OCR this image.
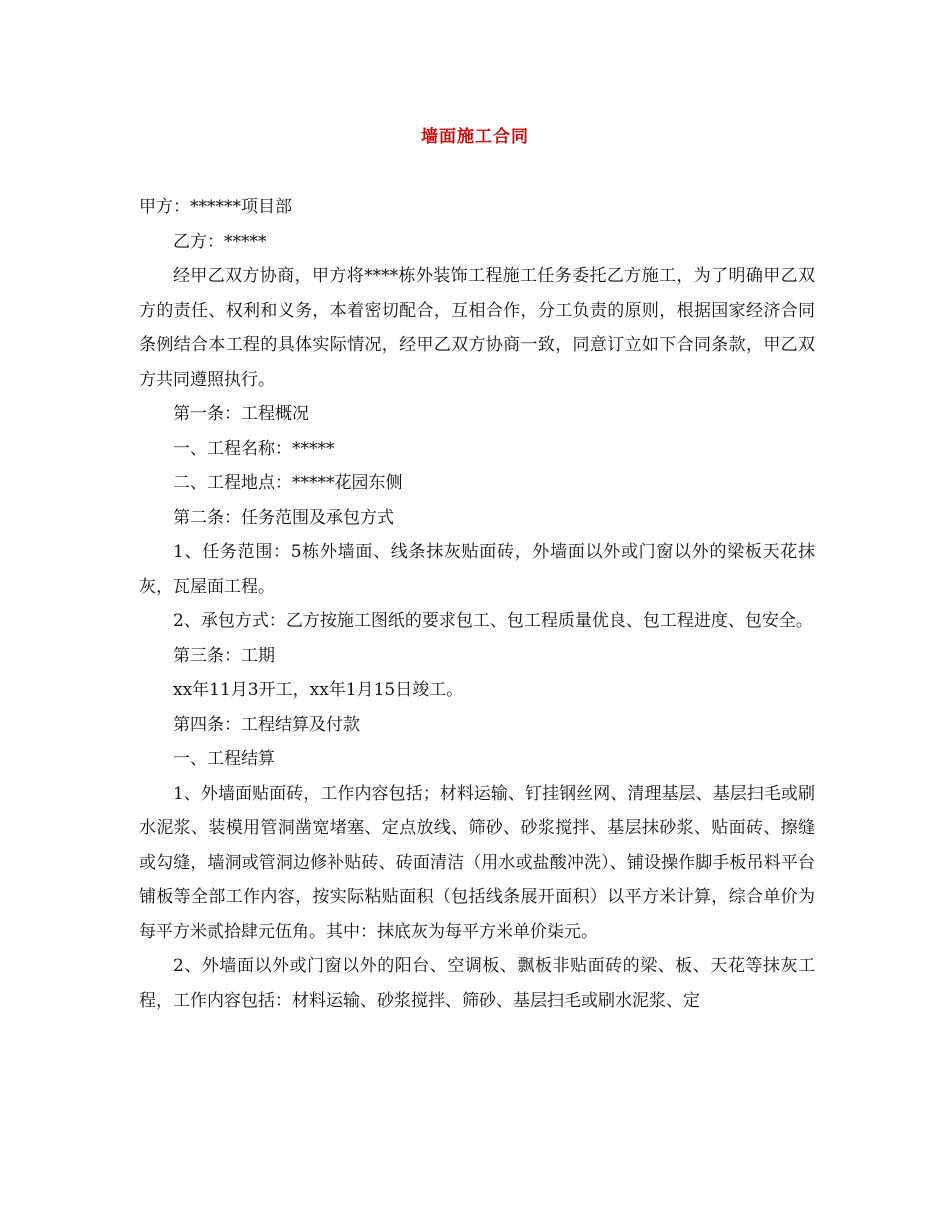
墙面施工合同

甲方：******项目部

乙方：*****

经甲乙双方协商，甲方将****栋外装饰工程施工任务委托乙方施工，为了明确甲乙双方的责任、权利和义务，本着密切配合，互相合作，分工负责的原则，根据国家经济合同条例结合本工程的具体实际情况，经甲乙双方协商一致，同意订立如下合同条款，甲乙双方共同遵照执行。

第一条：工程概况

一、工程名称：*****

二、工程地点：*****花园东侧

第二条：任务范围及承包方式

1、任务范围：5栋外墙面、线条抹灰贴面砖，外墙面以外或门窗以外的梁板天花抹灰，瓦屋面工程。

2、承包方式：乙方按施工图纸的要求包工、包工程质量优良、包工程进度、包安全。

第三条：工期

xx年11月3开工，xx年1月15日竣工。

第四条：工程结算及付款

一、工程结算

1、外墙面贴面砖，工作内容包括；材料运输、钉挂钢丝网、清理基层、基层扫毛或刷水泥浆、装模用管洞凿宽堵塞、定点放线、筛砂、砂浆搅拌、基层抹砂浆、贴面砖、擦缝或勾缝，墙洞或管洞边修补贴砖、砖面清洁（用水或盐酸冲洗）、铺设操作脚手板吊料平台铺板等全部工作内容，按实际粘贴面积（包括线条展开面积）以平方米计算，综合单价为每平方米贰拾肆元伍角。其中：抹底灰为每平方米单价柒元。

2、外墙面以外或门窗以外的阳台、空调板、飘板非贴面砖的梁、板、天花等抹灰工程，工作内容包括：材料运输、砂浆搅拌、筛砂、基层扫毛或刷水泥浆、定
